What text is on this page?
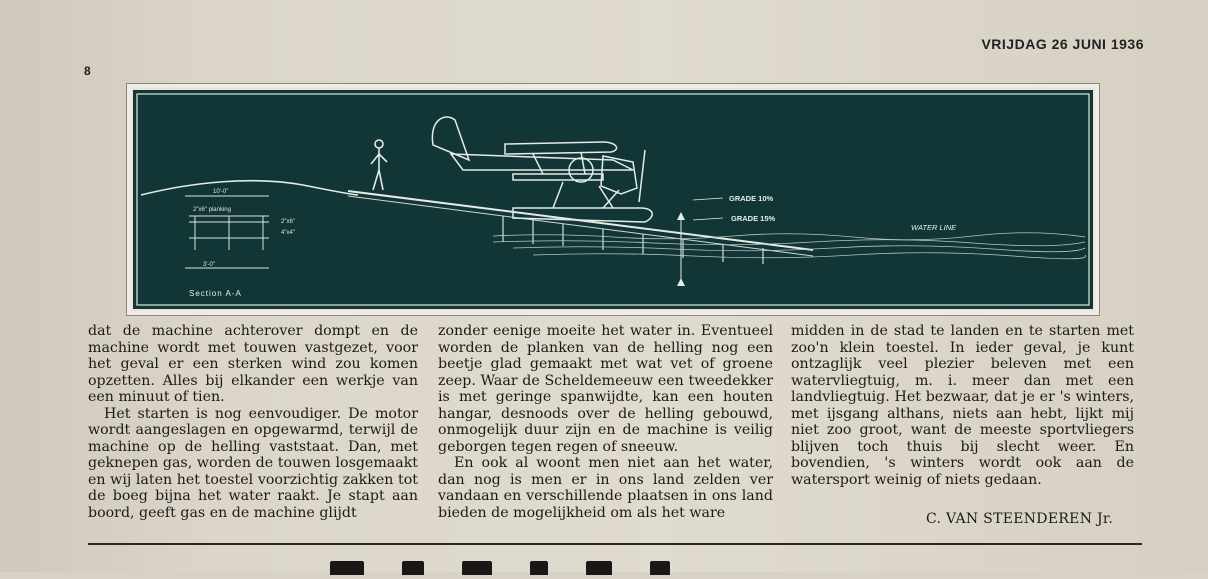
VRIJDAG 26 JUNI 1936
8
GRADE 10%
GRADE 15%
WATER LINE
10'-0"
2"x6" planking
2"x6"
4"x4"
3'-0"
Section A-A

dat de machine achterover dompt en de machine wordt met touwen vastgezet, voor het geval er een sterken wind zou komen opzetten. Alles bij elkander een werkje van een minuut of tien.

Het starten is nog eenvoudiger. De motor wordt aangeslagen en opgewarmd, terwijl de machine op de helling vaststaat. Dan, met geknepen gas, worden de touwen losgemaakt en wij laten het toestel voorzichtig zakken tot de boeg bijna het water raakt. Je stapt aan boord, geeft gas en de machine glijdt

zonder eenige moeite het water in. Eventueel worden de planken van de helling nog een beetje glad gemaakt met wat vet of groene zeep. Waar de Scheldemeeuw een tweedekker is met geringe spanwijdte, kan een houten hangar, desnoods over de helling gebouwd, onmogelijk duur zijn en de machine is veilig geborgen tegen regen of sneeuw.

En ook al woont men niet aan het water, dan nog is men er in ons land zelden ver vandaan en verschillende plaatsen in ons land bieden de mogelijkheid om als het ware

midden in de stad te landen en te starten met zoo'n klein toestel. In ieder geval, je kunt ontzaglijk veel plezier beleven met een watervliegtuig, m. i. meer dan met een landvliegtuig. Het bezwaar, dat je er 's winters, met ijsgang althans, niets aan hebt, lijkt mij niet zoo groot, want de meeste sportvliegers blijven toch thuis bij slecht weer. En bovendien, 's winters wordt ook aan de watersport weinig of niets gedaan.

C. VAN STEENDEREN Jr.
